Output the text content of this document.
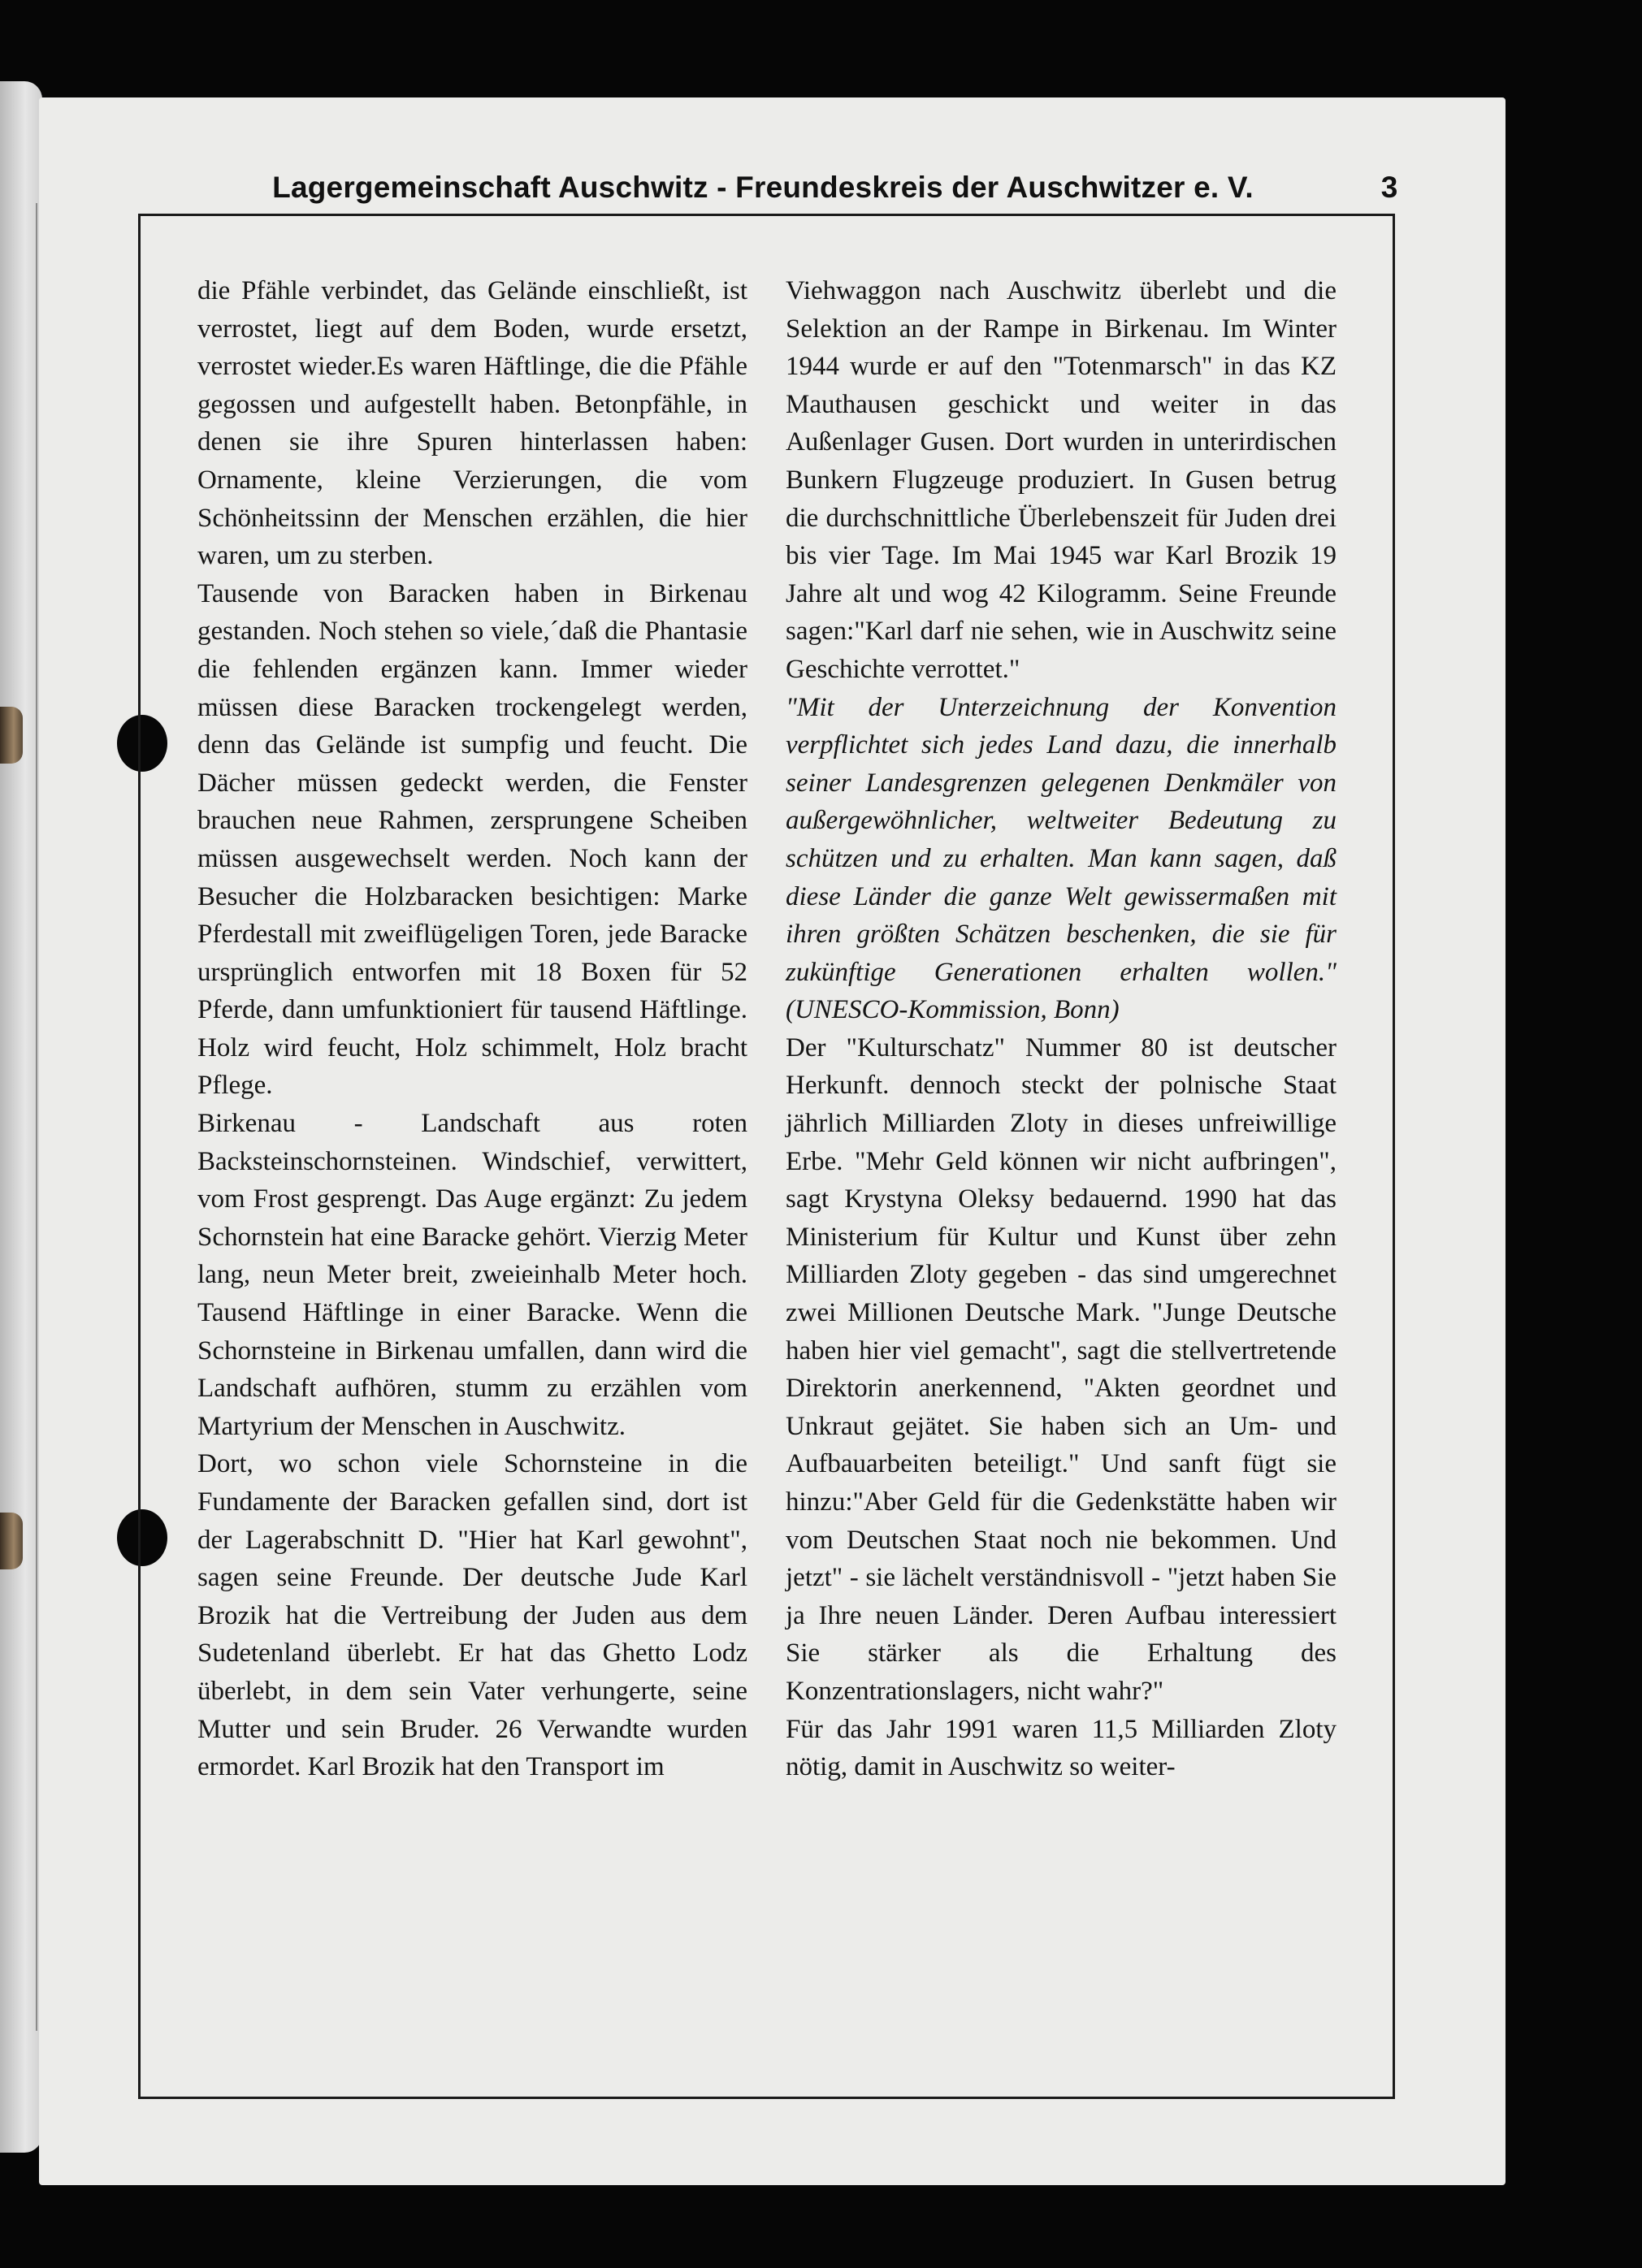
Lagergemeinschaft Auschwitz - Freundeskreis der Auschwitzer e. V.	3

die Pfähle verbindet, das Gelände einschließt, ist verrostet, liegt auf dem Boden, wurde ersetzt, verrostet wieder.Es waren Häftlinge, die die Pfähle gegossen und aufgestellt haben. Betonpfähle, in denen sie ihre Spuren hinterlassen haben: Ornamente, kleine Verzierungen, die vom Schönheitssinn der Menschen erzählen, die hier waren, um zu sterben.

Tausende von Baracken haben in Birkenau gestanden. Noch stehen so viele,´daß die Phantasie die fehlenden ergänzen kann. Immer wieder müssen diese Baracken trockengelegt werden, denn das Gelände ist sumpfig und feucht. Die Dächer müssen gedeckt werden, die Fenster brauchen neue Rahmen, zersprungene Scheiben müssen ausgewechselt werden. Noch kann der Besucher die Holzbaracken besichtigen: Marke Pferdestall mit zweiflügeligen Toren, jede Baracke ursprünglich entworfen mit 18 Boxen für 52 Pferde, dann umfunktioniert für tausend Häftlinge. Holz wird feucht, Holz schimmelt, Holz bracht Pflege.

Birkenau - Landschaft aus roten Backsteinschornsteinen. Windschief, verwittert, vom Frost gesprengt. Das Auge ergänzt: Zu jedem Schornstein hat eine Baracke gehört. Vierzig Meter lang, neun Meter breit, zweieinhalb Meter hoch. Tausend Häftlinge in einer Baracke. Wenn die Schornsteine in Birkenau umfallen, dann wird die Landschaft aufhören, stumm zu erzählen vom Martyrium der Menschen in Auschwitz.

Dort, wo schon viele Schornsteine in die Fundamente der Baracken gefallen sind, dort ist der Lagerabschnitt D. "Hier hat Karl gewohnt", sagen seine Freunde. Der deutsche Jude Karl Brozik hat die Vertreibung der Juden aus dem Sudetenland überlebt. Er hat das Ghetto Lodz überlebt, in dem sein Vater verhungerte, seine Mutter und sein Bruder. 26 Verwandte wurden ermordet. Karl Brozik hat den Transport im

Viehwaggon nach Auschwitz überlebt und die Selektion an der Rampe in Birkenau. Im Winter 1944 wurde er auf den "Totenmarsch" in das KZ Mauthausen geschickt und weiter in das Außenlager Gusen. Dort wurden in unterirdischen Bunkern Flugzeuge produziert. In Gusen betrug die durchschnittliche Überlebenszeit für Juden drei bis vier Tage. Im Mai 1945 war Karl Brozik 19 Jahre alt und wog 42 Kilogramm. Seine Freunde sagen:"Karl darf nie sehen, wie in Auschwitz seine Geschichte verrottet."

"Mit der Unterzeichnung der Konvention verpflichtet sich jedes Land dazu, die innerhalb seiner Landesgrenzen gelegenen Denkmäler von außergewöhnlicher, weltweiter Bedeutung zu schützen und zu erhalten. Man kann sagen, daß diese Länder die ganze Welt gewissermaßen mit ihren größten Schätzen beschenken, die sie für zukünftige Generationen erhalten wollen." (UNESCO-Kommission, Bonn)

Der "Kulturschatz" Nummer 80 ist deutscher Herkunft. dennoch steckt der polnische Staat jährlich Milliarden Zloty in dieses unfreiwillige Erbe. "Mehr Geld können wir nicht aufbringen", sagt Krystyna Oleksy bedauernd. 1990 hat das Ministerium für Kultur und Kunst über zehn Milliarden Zloty gegeben - das sind umgerechnet zwei Millionen Deutsche Mark. "Junge Deutsche haben hier viel gemacht", sagt die stellvertretende Direktorin anerkennend, "Akten geordnet und Unkraut gejätet. Sie haben sich an Um- und Aufbauarbeiten beteiligt." Und sanft fügt sie hinzu:"Aber Geld für die Gedenkstätte haben wir vom Deutschen Staat noch nie bekommen. Und jetzt" - sie lächelt verständnisvoll - "jetzt haben Sie ja Ihre neuen Länder. Deren Aufbau interessiert Sie stärker als die Erhaltung des Konzentrationslagers, nicht wahr?"

Für das Jahr 1991 waren 11,5 Milliarden Zloty nötig, damit in Auschwitz so weiter-
